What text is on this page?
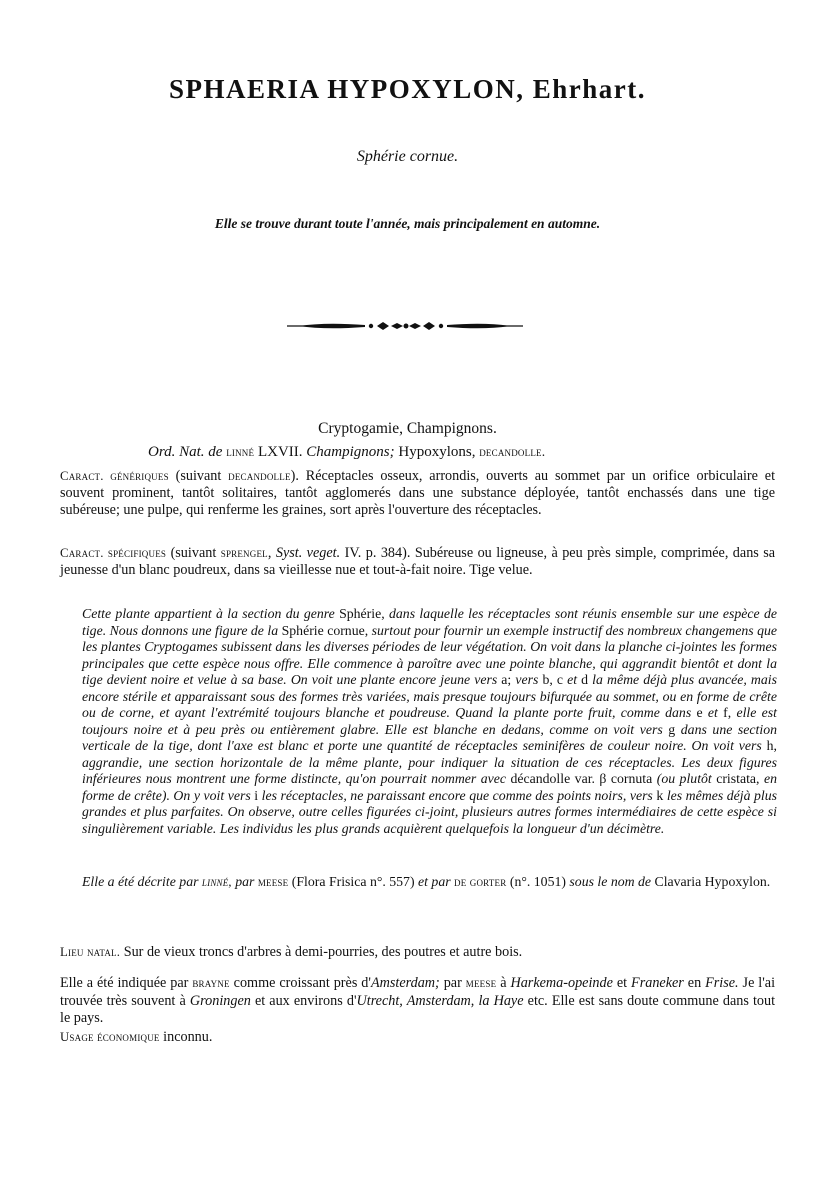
SPHAERIA HYPOXYLON, Ehrhart.

Sphérie cornue.

Elle se trouve durant toute l'année, mais principalement en automne.

Cryptogamie, Champignons.

Ord. Nat. de linné LXVII. Champignons; Hypoxylons, decandolle.

Caract. génériques (suivant decandolle). Réceptacles osseux, arrondis, ouverts au sommet par un orifice orbiculaire et souvent prominent, tantôt solitaires, tantôt agglomerés dans une substance déployée, tantôt enchassés dans une tige subéreuse; une pulpe, qui renferme les graines, sort après l'ouverture des réceptacles.

Caract. spécifiques (suivant sprengel, Syst. veget. IV. p. 384). Subéreuse ou ligneuse, à peu près simple, comprimée, dans sa jeunesse d'un blanc poudreux, dans sa vieillesse nue et tout-à-fait noire. Tige velue.

Cette plante appartient à la section du genre Sphérie, dans laquelle les réceptacles sont réunis ensemble sur une espèce de tige. Nous donnons une figure de la Sphérie cornue, surtout pour fournir un exemple instructif des nombreux changemens que les plantes Cryptogames subissent dans les diverses périodes de leur végétation. On voit dans la planche ci-jointes les formes principales que cette espèce nous offre. Elle commence à paroître avec une pointe blanche, qui aggrandit bientôt et dont la tige devient noire et velue à sa base. On voit une plante encore jeune vers a; vers b, c et d la même déjà plus avancée, mais encore stérile et apparaissant sous des formes très variées, mais presque toujours bifurquée au sommet, ou en forme de crête ou de corne, et ayant l'extrémité toujours blanche et poudreuse. Quand la plante porte fruit, comme dans e et f, elle est toujours noire et à peu près ou entièrement glabre. Elle est blanche en dedans, comme on voit vers g dans une section verticale de la tige, dont l'axe est blanc et porte une quantité de réceptacles seminifères de couleur noire. On voit vers h, aggrandie, une section horizontale de la même plante, pour indiquer la situation de ces réceptacles. Les deux figures inférieures nous montrent une forme distincte, qu'on pourrait nommer avec décandolle var. β cornuta (ou plutôt cristata, en forme de crête). On y voit vers i les réceptacles, ne paraissant encore que comme des points noirs, vers k les mêmes déjà plus grandes et plus parfaites. On observe, outre celles figurées ci-joint, plusieurs autres formes intermédiaires de cette espèce si singulièrement variable. Les individus les plus grands acquièrent quelquefois la longueur d'un décimètre.

Elle a été décrite par linné, par meese (Flora Frisica n°. 557) et par de gorter (n°. 1051) sous le nom de Clavaria Hypoxylon.

Lieu natal. Sur de vieux troncs d'arbres à demi-pourries, des poutres et autre bois.

Elle a été indiquée par brayne comme croissant près d'Amsterdam; par meese à Harkema-opeinde et Franeker en Frise. Je l'ai trouvée très souvent à Groningen et aux environs d'Utrecht, Amsterdam, la Haye etc. Elle est sans doute commune dans tout le pays.

Usage économique inconnu.
